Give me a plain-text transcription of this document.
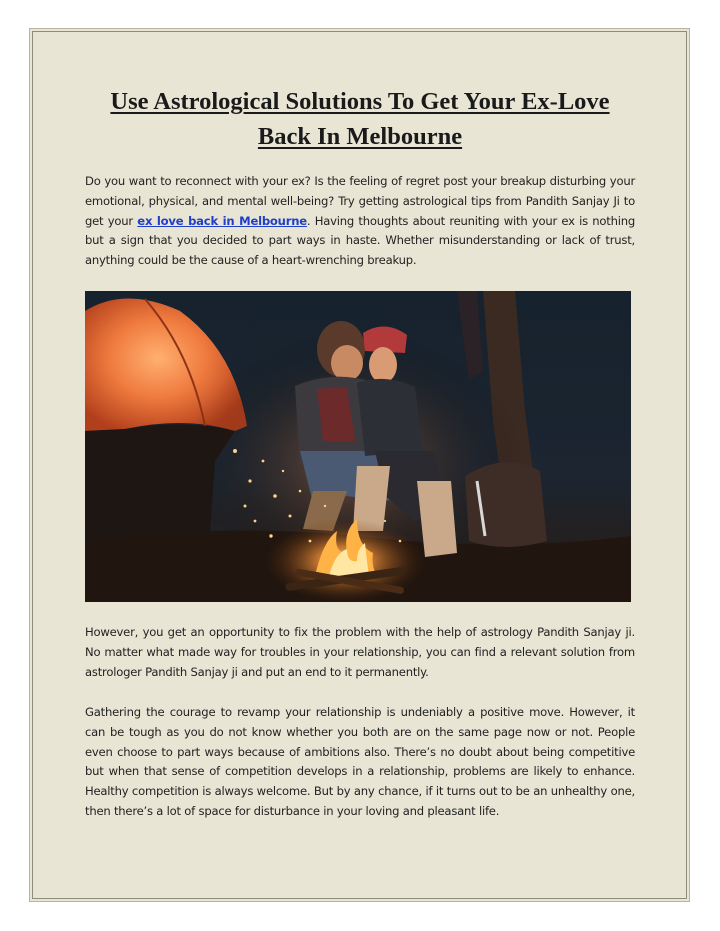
Use Astrological Solutions To Get Your Ex-Love Back In Melbourne

Do you want to reconnect with your ex? Is the feeling of regret post your breakup disturbing your emotional, physical, and mental well-being? Try getting astrological tips from Pandith Sanjay Ji to get your ex love back in Melbourne. Having thoughts about reuniting with your ex is nothing but a sign that you decided to part ways in haste. Whether misunderstanding or lack of trust, anything could be the cause of a heart-wrenching breakup.

However, you get an opportunity to fix the problem with the help of astrology Pandith Sanjay ji. No matter what made way for troubles in your relationship, you can find a relevant solution from astrologer Pandith Sanjay ji and put an end to it permanently.

Gathering the courage to revamp your relationship is undeniably a positive move. However, it can be tough as you do not know whether you both are on the same page now or not. People even choose to part ways because of ambitions also. There’s no doubt about being competitive but when that sense of competition develops in a relationship, problems are likely to enhance. Healthy competition is always welcome. But by any chance, if it turns out to be an unhealthy one, then there’s a lot of space for disturbance in your loving and pleasant life.
